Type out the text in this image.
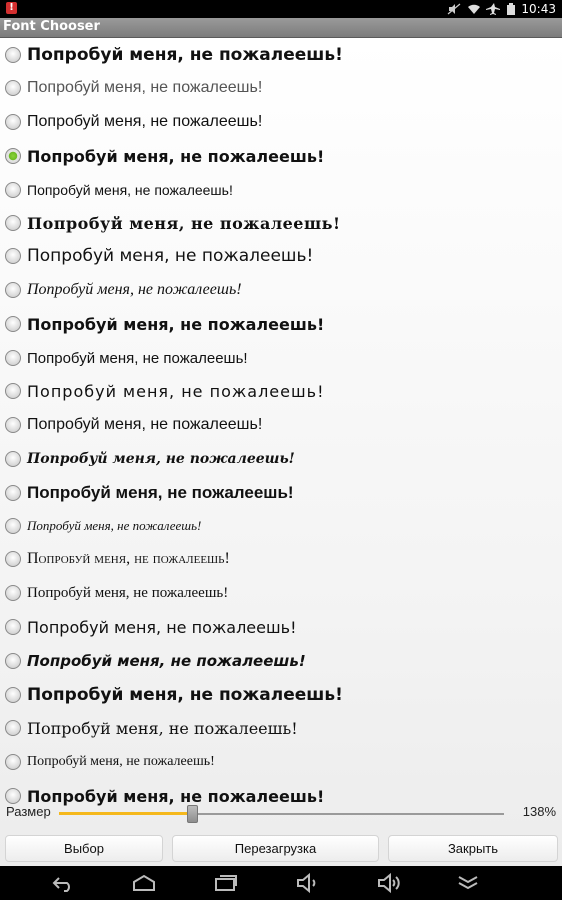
!	10:43
Font Chooser
Попробуй меня, не пожалеешь!
Попробуй меня, не пожалеешь!
Попробуй меня, не пожалеешь!
Попробуй меня, не пожалеешь!
Попробуй меня, не пожалеешь!
Попробуй меня, не пожалеешь!
Попробуй меня, не пожалеешь!
Попробуй меня, не пожалеешь!
Попробуй меня, не пожалеешь!
Попробуй меня, не пожалеешь!
Попробуй меня, не пожалеешь!
Попробуй меня, не пожалеешь!
Попробуй меня, не пожалеешь!
Попробуй меня, не пожалеешь!
Попробуй меня, не пожалеешь!
Попробуй меня, не пожалеешь!
Попробуй меня, не пожалеешь!
Попробуй меня, не пожалеешь!
Попробуй меня, не пожалеешь!
Попробуй меня, не пожалеешь!
Попробуй меня, не пожалеешь!
Попробуй меня, не пожалеешь!
Попробуй меня, не пожалеешь!
Размер	138%
Выбор	Перезагрузка	Закрыть
